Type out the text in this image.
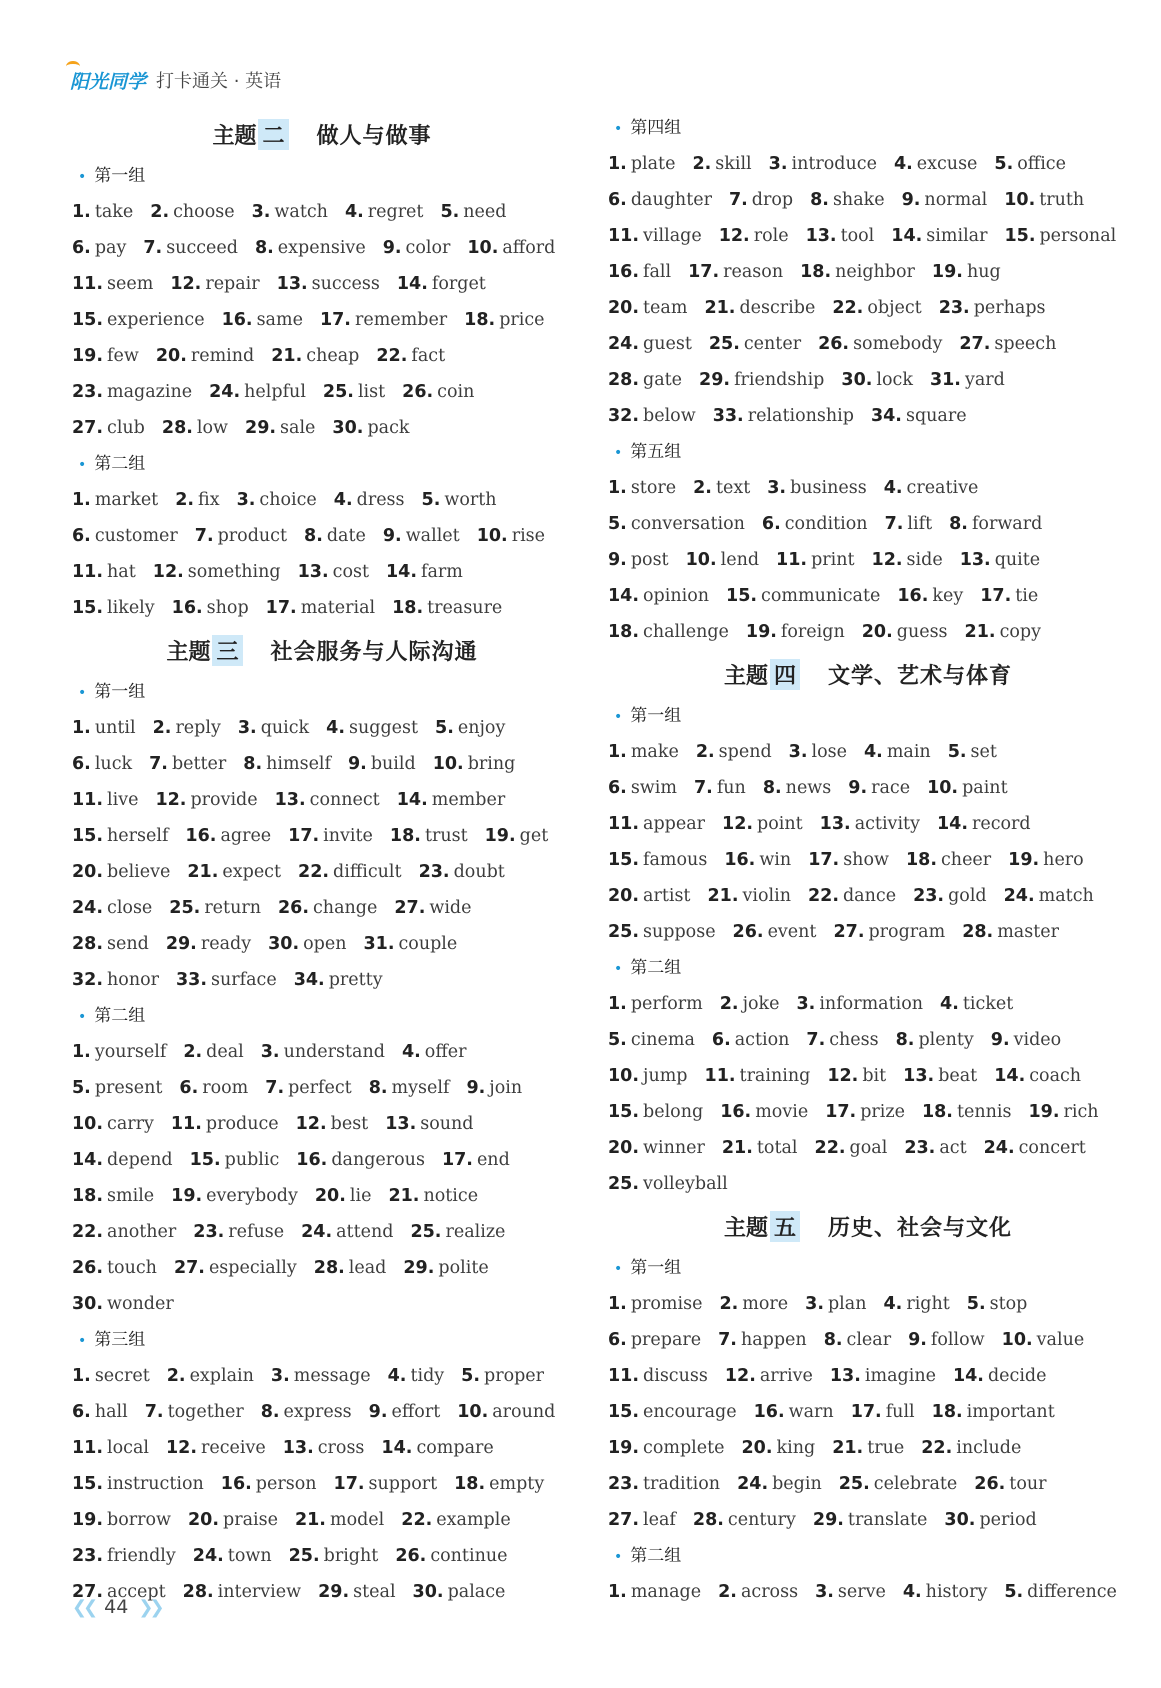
阳光同学 打卡通关 · 英语
主题 二 做人与做事
• 第一组
1. take 2. choose 3. watch 4. regret 5. need
6. pay 7. succeed 8. expensive 9. color 10. afford
11. seem 12. repair 13. success 14. forget
15. experience 16. same 17. remember 18. price
19. few 20. remind 21. cheap 22. fact
23. magazine 24. helpful 25. list 26. coin
27. club 28. low 29. sale 30. pack
• 第二组
1. market 2. fix 3. choice 4. dress 5. worth
6. customer 7. product 8. date 9. wallet 10. rise
11. hat 12. something 13. cost 14. farm
15. likely 16. shop 17. material 18. treasure
主题 三 社会服务与人际沟通
• 第一组
1. until 2. reply 3. quick 4. suggest 5. enjoy
6. luck 7. better 8. himself 9. build 10. bring
11. live 12. provide 13. connect 14. member
15. herself 16. agree 17. invite 18. trust 19. get
20. believe 21. expect 22. difficult 23. doubt
24. close 25. return 26. change 27. wide
28. send 29. ready 30. open 31. couple
32. honor 33. surface 34. pretty
• 第二组
1. yourself 2. deal 3. understand 4. offer
5. present 6. room 7. perfect 8. myself 9. join
10. carry 11. produce 12. best 13. sound
14. depend 15. public 16. dangerous 17. end
18. smile 19. everybody 20. lie 21. notice
22. another 23. refuse 24. attend 25. realize
26. touch 27. especially 28. lead 29. polite
30. wonder
• 第三组
1. secret 2. explain 3. message 4. tidy 5. proper
6. hall 7. together 8. express 9. effort 10. around
11. local 12. receive 13. cross 14. compare
15. instruction 16. person 17. support 18. empty
19. borrow 20. praise 21. model 22. example
23. friendly 24. town 25. bright 26. continue
27. accept 28. interview 29. steal 30. palace
• 第四组
1. plate 2. skill 3. introduce 4. excuse 5. office
6. daughter 7. drop 8. shake 9. normal 10. truth
11. village 12. role 13. tool 14. similar 15. personal
16. fall 17. reason 18. neighbor 19. hug
20. team 21. describe 22. object 23. perhaps
24. guest 25. center 26. somebody 27. speech
28. gate 29. friendship 30. lock 31. yard
32. below 33. relationship 34. square
• 第五组
1. store 2. text 3. business 4. creative
5. conversation 6. condition 7. lift 8. forward
9. post 10. lend 11. print 12. side 13. quite
14. opinion 15. communicate 16. key 17. tie
18. challenge 19. foreign 20. guess 21. copy
主题 四 文学、艺术与体育
• 第一组
1. make 2. spend 3. lose 4. main 5. set
6. swim 7. fun 8. news 9. race 10. paint
11. appear 12. point 13. activity 14. record
15. famous 16. win 17. show 18. cheer 19. hero
20. artist 21. violin 22. dance 23. gold 24. match
25. suppose 26. event 27. program 28. master
• 第二组
1. perform 2. joke 3. information 4. ticket
5. cinema 6. action 7. chess 8. plenty 9. video
10. jump 11. training 12. bit 13. beat 14. coach
15. belong 16. movie 17. prize 18. tennis 19. rich
20. winner 21. total 22. goal 23. act 24. concert
25. volleyball
主题 五 历史、社会与文化
• 第一组
1. promise 2. more 3. plan 4. right 5. stop
6. prepare 7. happen 8. clear 9. follow 10. value
11. discuss 12. arrive 13. imagine 14. decide
15. encourage 16. warn 17. full 18. important
19. complete 20. king 21. true 22. include
23. tradition 24. begin 25. celebrate 26. tour
27. leaf 28. century 29. translate 30. period
• 第二组
1. manage 2. across 3. serve 4. history 5. difference
❮❮ 44 ❯❯
